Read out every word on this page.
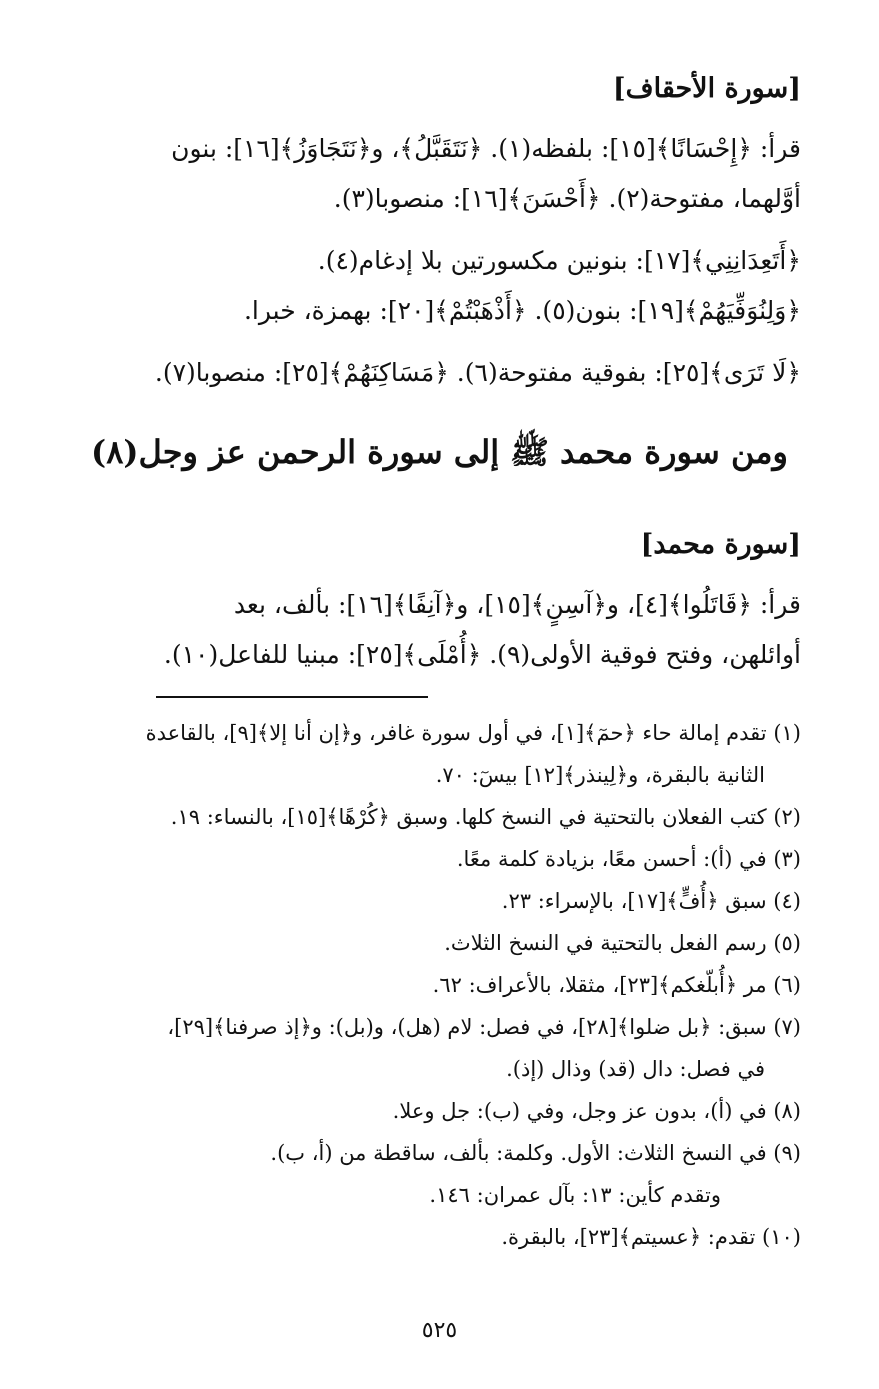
[سورة الأحقاف]
قرأ: ﴿إِحْسَانًا﴾[١٥]: بلفظه(١). ﴿نَتَقَبَّلُ﴾، و﴿نَتَجَاوَزُ﴾[١٦]: بنون
أوَّلهما، مفتوحة(٢). ﴿أَحْسَنَ﴾[١٦]: منصوبا(٣).
﴿أَتَعِدَانِنِي﴾[١٧]: بنونين مكسورتين بلا إدغام(٤).
﴿وَلِنُوَفِّيَهُمْ﴾[١٩]: بنون(٥). ﴿أَذْهَبْتُمْ﴾[٢٠]: بهمزة، خبرا.
﴿لَا تَرَى﴾[٢٥]: بفوقية مفتوحة(٦). ﴿مَسَاكِنَهُمْ﴾[٢٥]: منصوبا(٧).
ومن سورة محمد ﷺ إلى سورة الرحمن عز وجل(٨)
[سورة محمد]
قرأ: ﴿قَاتَلُوا﴾[٤]، و﴿آسِنٍ﴾[١٥]، و﴿آنِفًا﴾[١٦]: بألف، بعد
أوائلهن، وفتح فوقية الأولى(٩). ﴿أُمْلَى﴾[٢٥]: مبنيا للفاعل(١٠).
(١) تقدم إمالة حاء ﴿حمٓ﴾[١]، في أول سورة غافر، و﴿إن أنا إلا﴾[٩]، بالقاعدة
الثانية بالبقرة، و﴿لِينذر﴾[١٢] بيسٓ: ٧٠.
(٢) كتب الفعلان بالتحتية في النسخ كلها. وسبق ﴿كُرْهًا﴾[١٥]، بالنساء: ١٩.
(٣) في (أ): أحسن معًا، بزيادة كلمة معًا.
(٤) سبق ﴿أُفٍّ﴾[١٧]، بالإسراء: ٢٣.
(٥) رسم الفعل بالتحتية في النسخ الثلاث.
(٦) مر ﴿أُبلّغكم﴾[٢٣]، مثقلا، بالأعراف: ٦٢.
(٧) سبق: ﴿بل ضلوا﴾[٢٨]، في فصل: لام (هل)، و(بل): و﴿إذ صرفنا﴾[٢٩]،
في فصل: دال (قد) وذال (إذ).
(٨) في (أ)، بدون عز وجل، وفي (ب): جل وعلا.
(٩) في النسخ الثلاث: الأول. وكلمة: بألف، ساقطة من (أ، ب).
وتقدم كأين: ١٣: بآل عمران: ١٤٦.
(١٠) تقدم: ﴿عسيتم﴾[٢٣]، بالبقرة.
٥٢٥
